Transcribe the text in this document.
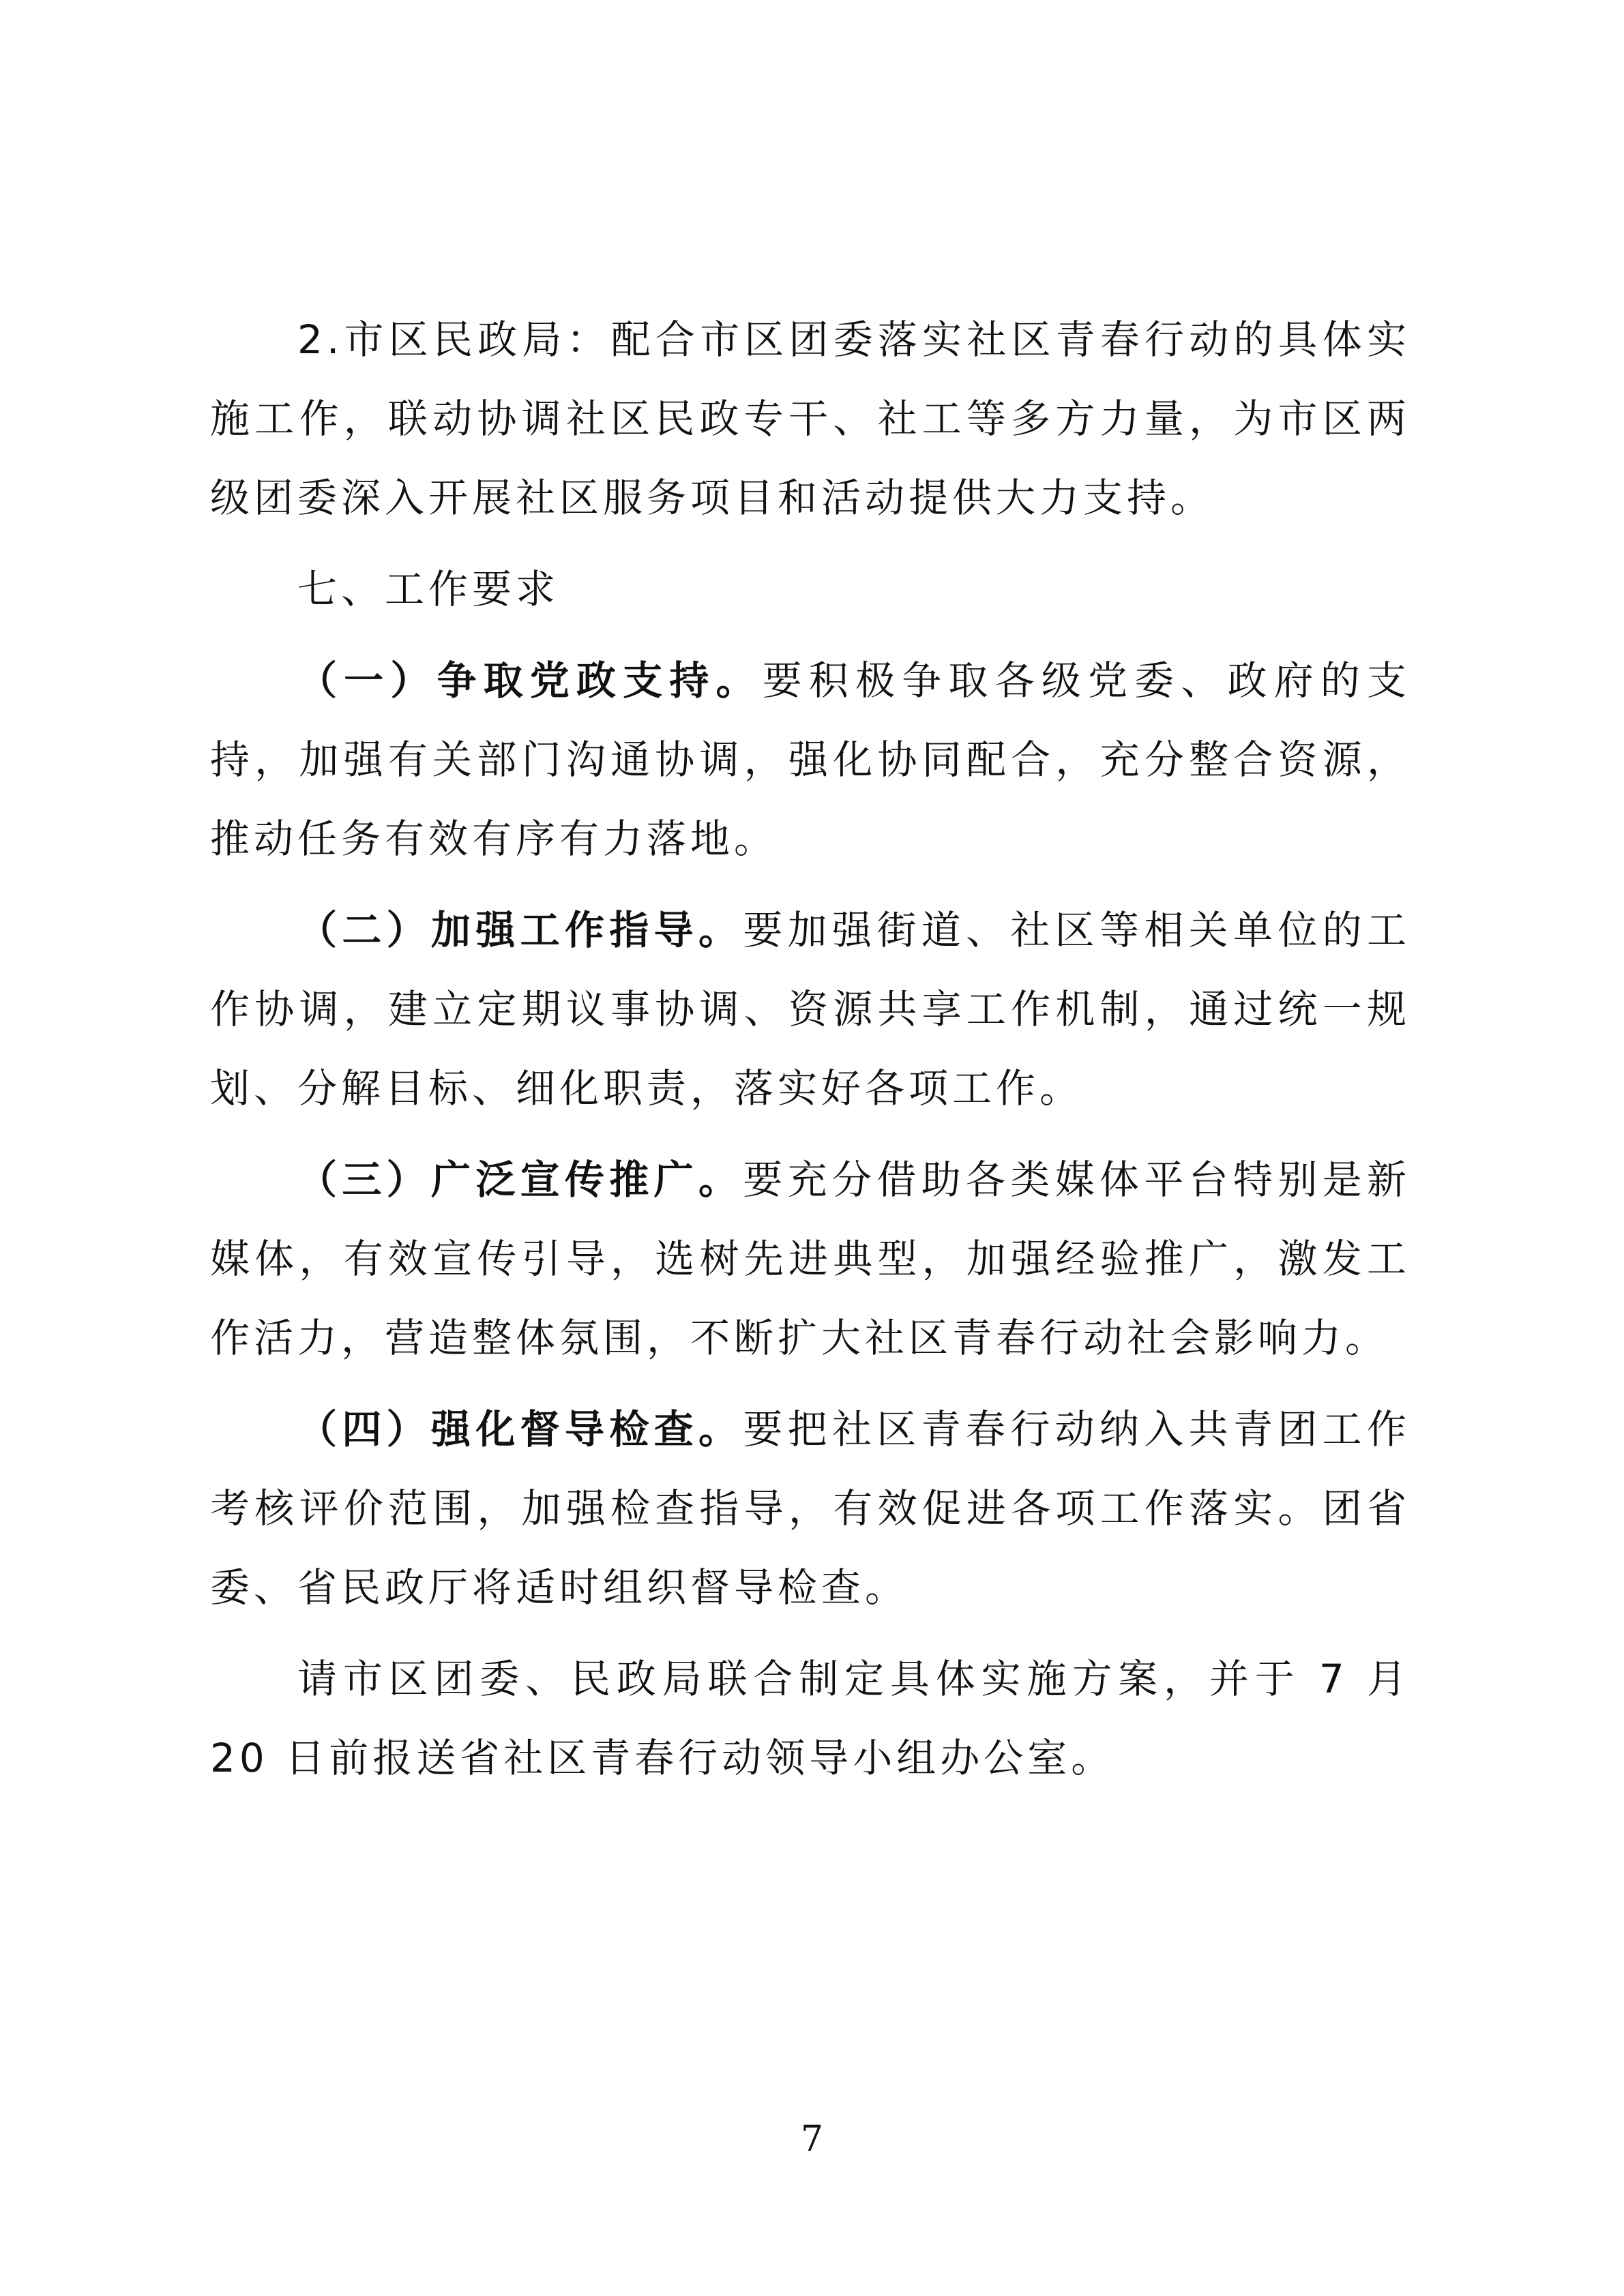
2.市区民政局：配合市区团委落实社区青春行动的具体实施工作，联动协调社区民政专干、社工等多方力量，为市区两级团委深入开展社区服务项目和活动提供大力支持。

七、工作要求

（一）争取党政支持。要积极争取各级党委、政府的支持，加强有关部门沟通协调，强化协同配合，充分整合资源，推动任务有效有序有力落地。

（二）加强工作指导。要加强街道、社区等相关单位的工作协调，建立定期议事协调、资源共享工作机制，通过统一规划、分解目标、细化职责，落实好各项工作。

（三）广泛宣传推广。要充分借助各类媒体平台特别是新媒体，有效宣传引导，选树先进典型，加强经验推广，激发工作活力，营造整体氛围，不断扩大社区青春行动社会影响力。

（四）强化督导检查。要把社区青春行动纳入共青团工作考核评价范围，加强检查指导，有效促进各项工作落实。团省委、省民政厅将适时组织督导检查。

请市区团委、民政局联合制定具体实施方案，并于 7 月 20 日前报送省社区青春行动领导小组办公室。

7
